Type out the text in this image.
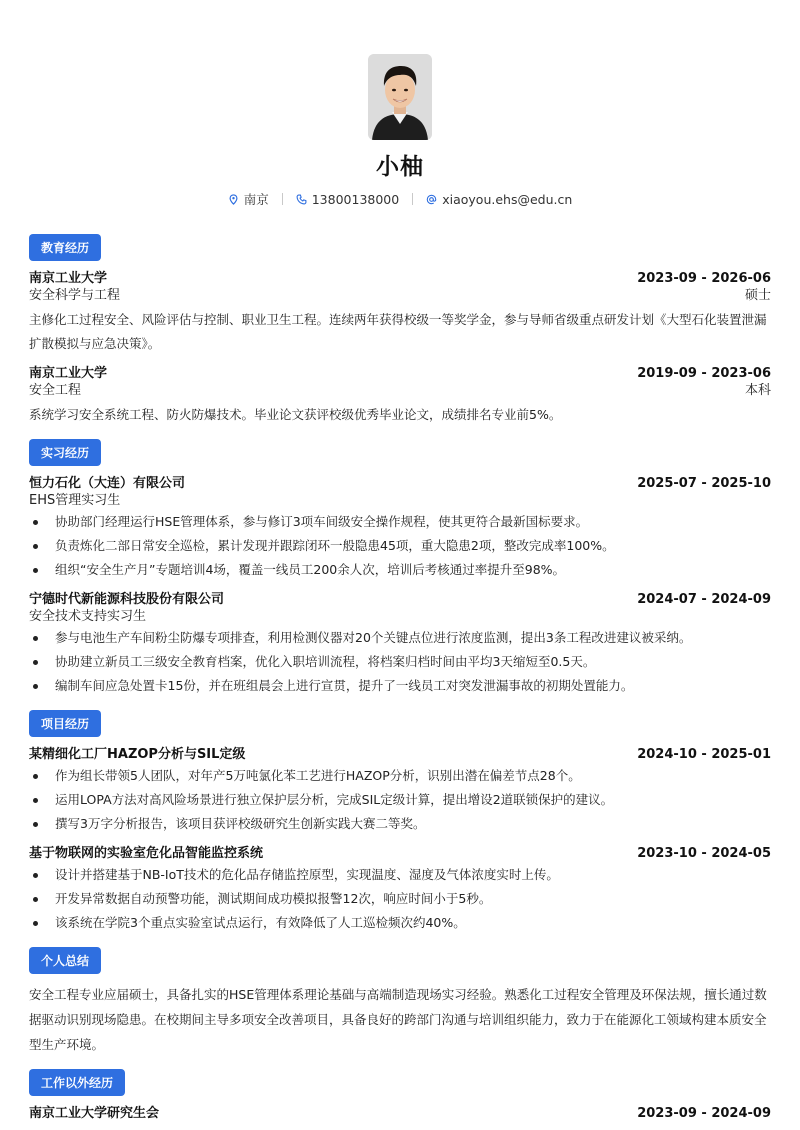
小柚
南京	13800138000	xiaoyou.ehs@edu.cn
教育经历
南京工业大学	2023-09 - 2026-06
安全科学与工程	硕士
主修化工过程安全、风险评估与控制、职业卫生工程。连续两年获得校级一等奖学金，参与导师省级重点研发计划《大型石化装置泄漏扩散模拟与应急决策》。
南京工业大学	2019-09 - 2023-06
安全工程	本科
系统学习安全系统工程、防火防爆技术。毕业论文获评校级优秀毕业论文，成绩排名专业前5%。
实习经历
恒力石化（大连）有限公司	2025-07 - 2025-10
EHS管理实习生
协助部门经理运行HSE管理体系，参与修订3项车间级安全操作规程，使其更符合最新国标要求。
负责炼化二部日常安全巡检，累计发现并跟踪闭环一般隐患45项，重大隐患2项，整改完成率100%。
组织“安全生产月”专题培训4场，覆盖一线员工200余人次，培训后考核通过率提升至98%。
宁德时代新能源科技股份有限公司	2024-07 - 2024-09
安全技术支持实习生
参与电池生产车间粉尘防爆专项排查，利用检测仪器对20个关键点位进行浓度监测，提出3条工程改进建议被采纳。
协助建立新员工三级安全教育档案，优化入职培训流程，将档案归档时间由平均3天缩短至0.5天。
编制车间应急处置卡15份，并在班组晨会上进行宣贯，提升了一线员工对突发泄漏事故的初期处置能力。
项目经历
某精细化工厂HAZOP分析与SIL定级	2024-10 - 2025-01
作为组长带领5人团队，对年产5万吨氯化苯工艺进行HAZOP分析，识别出潜在偏差节点28个。
运用LOPA方法对高风险场景进行独立保护层分析，完成SIL定级计算，提出增设2道联锁保护的建议。
撰写3万字分析报告，该项目获评校级研究生创新实践大赛二等奖。
基于物联网的实验室危化品智能监控系统	2023-10 - 2024-05
设计并搭建基于NB-IoT技术的危化品存储监控原型，实现温度、湿度及气体浓度实时上传。
开发异常数据自动预警功能，测试期间成功模拟报警12次，响应时间小于5秒。
该系统在学院3个重点实验室试点运行，有效降低了人工巡检频次约40%。
个人总结
安全工程专业应届硕士，具备扎实的HSE管理体系理论基础与高端制造现场实习经验。熟悉化工过程安全管理及环保法规，擅长通过数据驱动识别现场隐患。在校期间主导多项安全改善项目，具备良好的跨部门沟通与培训组织能力，致力于在能源化工领域构建本质安全型生产环境。
工作以外经历
南京工业大学研究生会	2023-09 - 2024-09
